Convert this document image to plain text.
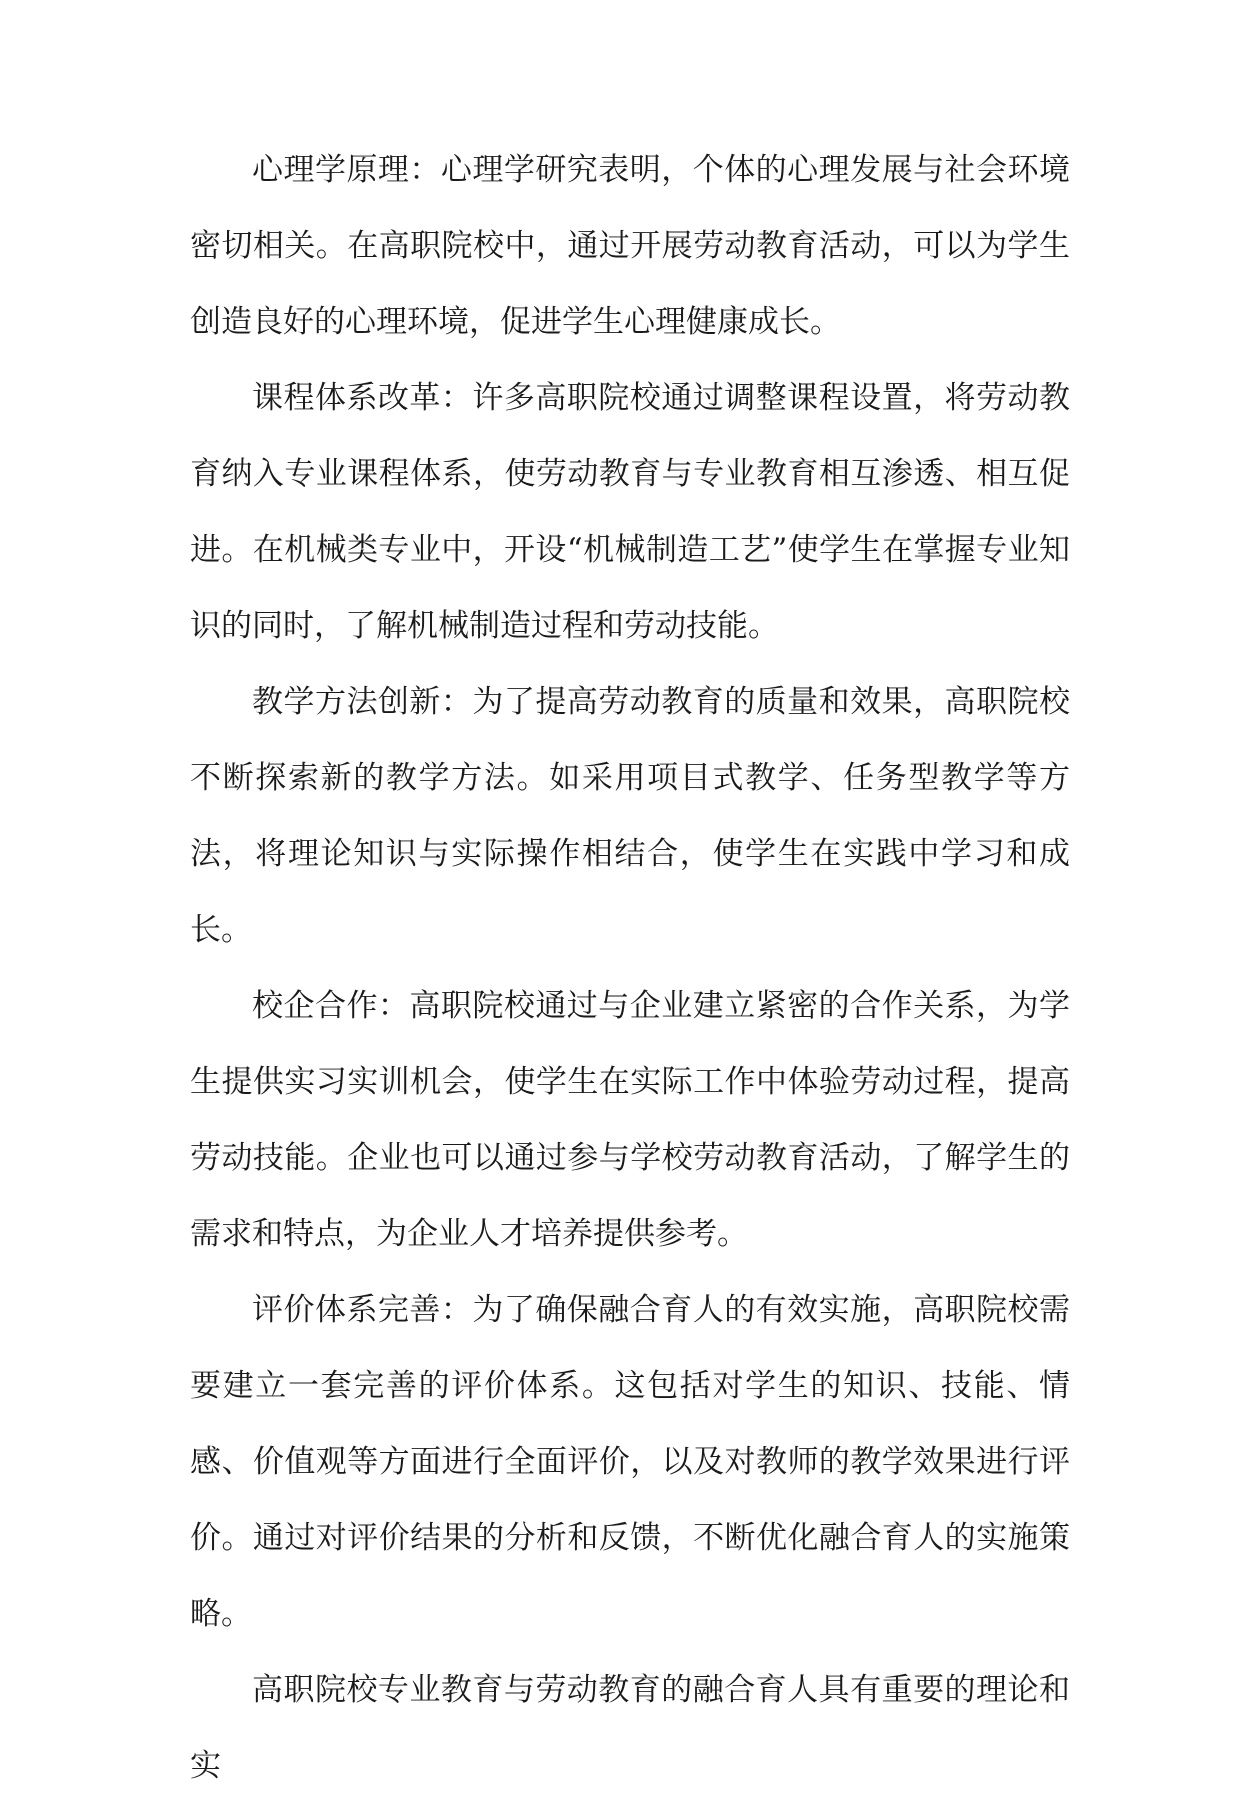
心理学原理：心理学研究表明，个体的心理发展与社会环境密切相关。在高职院校中，通过开展劳动教育活动，可以为学生创造良好的心理环境，促进学生心理健康成长。

课程体系改革：许多高职院校通过调整课程设置，将劳动教育纳入专业课程体系，使劳动教育与专业教育相互渗透、相互促进。在机械类专业中，开设“机械制造工艺”使学生在掌握专业知识的同时，了解机械制造过程和劳动技能。

教学方法创新：为了提高劳动教育的质量和效果，高职院校不断探索新的教学方法。如采用项目式教学、任务型教学等方法，将理论知识与实际操作相结合，使学生在实践中学习和成长。

校企合作：高职院校通过与企业建立紧密的合作关系，为学生提供实习实训机会，使学生在实际工作中体验劳动过程，提高劳动技能。企业也可以通过参与学校劳动教育活动，了解学生的需求和特点，为企业人才培养提供参考。

评价体系完善：为了确保融合育人的有效实施，高职院校需要建立一套完善的评价体系。这包括对学生的知识、技能、情感、价值观等方面进行全面评价，以及对教师的教学效果进行评价。通过对评价结果的分析和反馈，不断优化融合育人的实施策略。

高职院校专业教育与劳动教育的融合育人具有重要的理论和实
